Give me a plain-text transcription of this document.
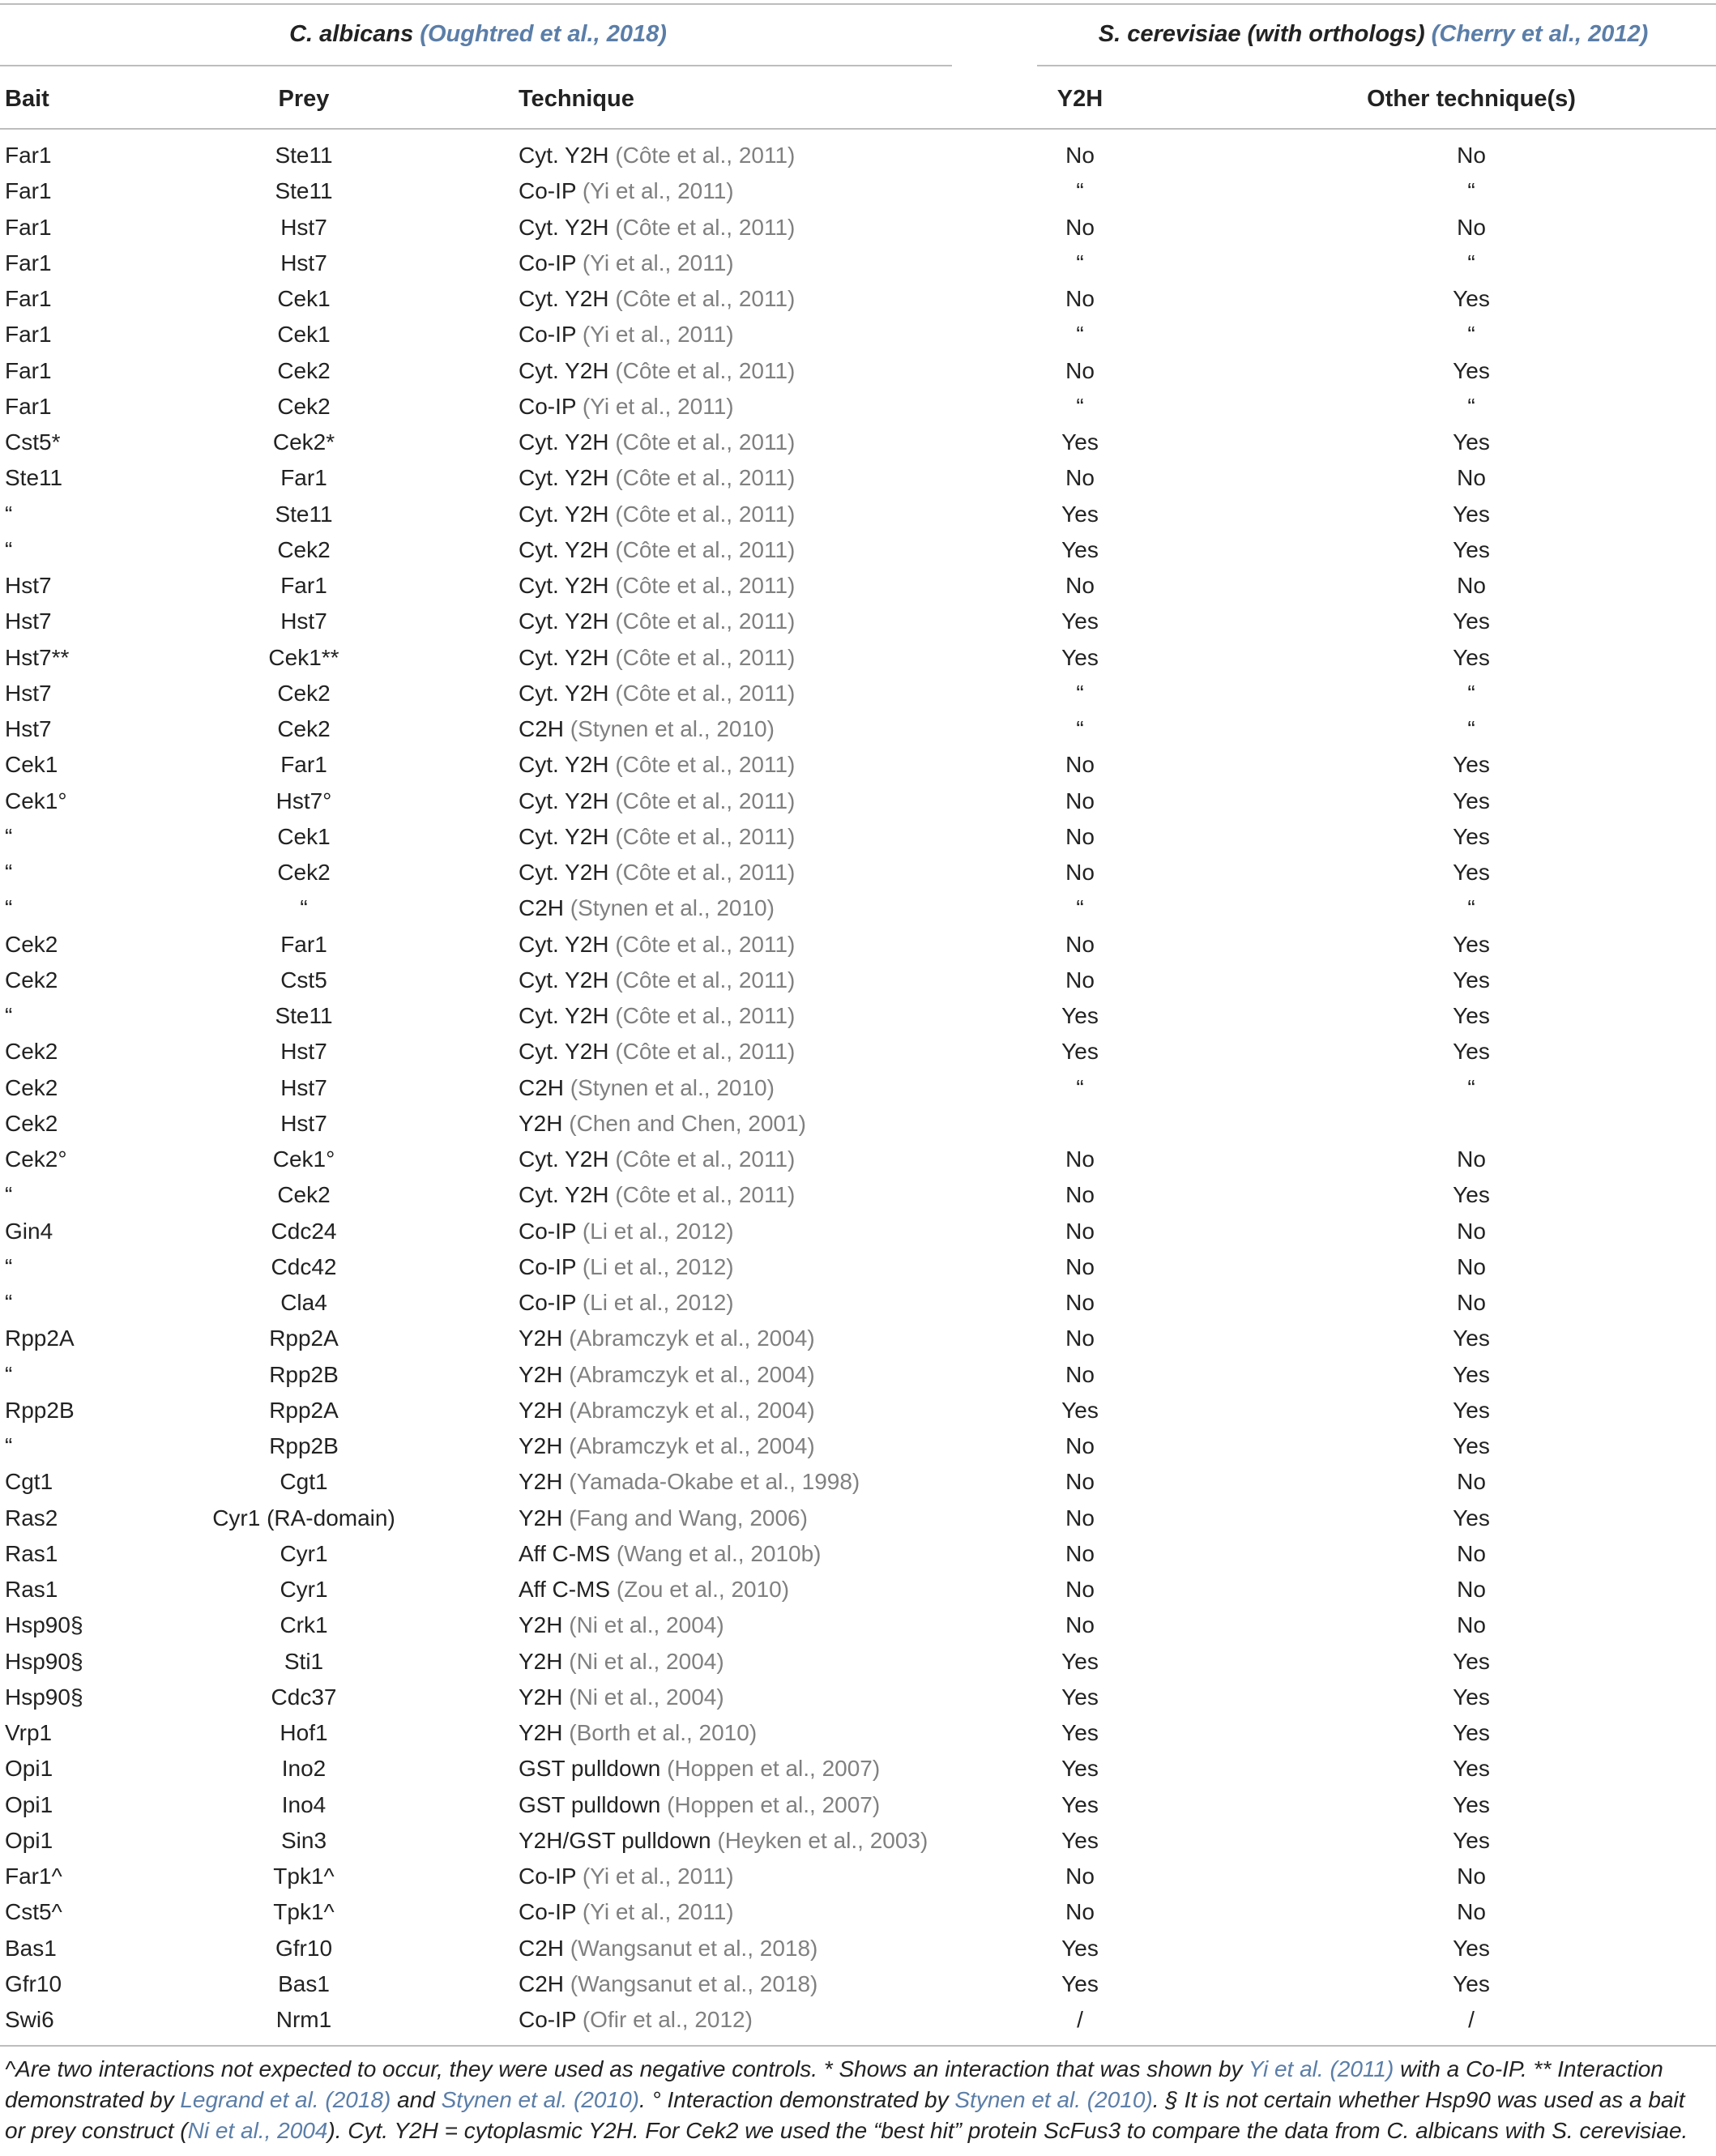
C. albicans (Oughtred et al., 2018)	S. cerevisiae (with orthologs) (Cherry et al., 2012)
Bait	Prey	Technique	Y2H	Other technique(s)
Far1	Ste11	Cyt. Y2H (Côte et al., 2011)	No	No
Far1	Ste11	Co-IP (Yi et al., 2011)	“	“
Far1	Hst7	Cyt. Y2H (Côte et al., 2011)	No	No
Far1	Hst7	Co-IP (Yi et al., 2011)	“	“
Far1	Cek1	Cyt. Y2H (Côte et al., 2011)	No	Yes
Far1	Cek1	Co-IP (Yi et al., 2011)	“	“
Far1	Cek2	Cyt. Y2H (Côte et al., 2011)	No	Yes
Far1	Cek2	Co-IP (Yi et al., 2011)	“	“
Cst5*	Cek2*	Cyt. Y2H (Côte et al., 2011)	Yes	Yes
Ste11	Far1	Cyt. Y2H (Côte et al., 2011)	No	No
“	Ste11	Cyt. Y2H (Côte et al., 2011)	Yes	Yes
“	Cek2	Cyt. Y2H (Côte et al., 2011)	Yes	Yes
Hst7	Far1	Cyt. Y2H (Côte et al., 2011)	No	No
Hst7	Hst7	Cyt. Y2H (Côte et al., 2011)	Yes	Yes
Hst7**	Cek1**	Cyt. Y2H (Côte et al., 2011)	Yes	Yes
Hst7	Cek2	Cyt. Y2H (Côte et al., 2011)	“	“
Hst7	Cek2	C2H (Stynen et al., 2010)	“	“
Cek1	Far1	Cyt. Y2H (Côte et al., 2011)	No	Yes
Cek1°	Hst7°	Cyt. Y2H (Côte et al., 2011)	No	Yes
“	Cek1	Cyt. Y2H (Côte et al., 2011)	No	Yes
“	Cek2	Cyt. Y2H (Côte et al., 2011)	No	Yes
“	“	C2H (Stynen et al., 2010)	“	“
Cek2	Far1	Cyt. Y2H (Côte et al., 2011)	No	Yes
Cek2	Cst5	Cyt. Y2H (Côte et al., 2011)	No	Yes
“	Ste11	Cyt. Y2H (Côte et al., 2011)	Yes	Yes
Cek2	Hst7	Cyt. Y2H (Côte et al., 2011)	Yes	Yes
Cek2	Hst7	C2H (Stynen et al., 2010)	“	“
Cek2	Hst7	Y2H (Chen and Chen, 2001)
Cek2°	Cek1°	Cyt. Y2H (Côte et al., 2011)	No	No
“	Cek2	Cyt. Y2H (Côte et al., 2011)	No	Yes
Gin4	Cdc24	Co-IP (Li et al., 2012)	No	No
“	Cdc42	Co-IP (Li et al., 2012)	No	No
“	Cla4	Co-IP (Li et al., 2012)	No	No
Rpp2A	Rpp2A	Y2H (Abramczyk et al., 2004)	No	Yes
“	Rpp2B	Y2H (Abramczyk et al., 2004)	No	Yes
Rpp2B	Rpp2A	Y2H (Abramczyk et al., 2004)	Yes	Yes
“	Rpp2B	Y2H (Abramczyk et al., 2004)	No	Yes
Cgt1	Cgt1	Y2H (Yamada-Okabe et al., 1998)	No	No
Ras2	Cyr1 (RA-domain)	Y2H (Fang and Wang, 2006)	No	Yes
Ras1	Cyr1	Aff C-MS (Wang et al., 2010b)	No	No
Ras1	Cyr1	Aff C-MS (Zou et al., 2010)	No	No
Hsp90§	Crk1	Y2H (Ni et al., 2004)	No	No
Hsp90§	Sti1	Y2H (Ni et al., 2004)	Yes	Yes
Hsp90§	Cdc37	Y2H (Ni et al., 2004)	Yes	Yes
Vrp1	Hof1	Y2H (Borth et al., 2010)	Yes	Yes
Opi1	Ino2	GST pulldown (Hoppen et al., 2007)	Yes	Yes
Opi1	Ino4	GST pulldown (Hoppen et al., 2007)	Yes	Yes
Opi1	Sin3	Y2H/GST pulldown (Heyken et al., 2003)	Yes	Yes
Far1^	Tpk1^	Co-IP (Yi et al., 2011)	No	No
Cst5^	Tpk1^	Co-IP (Yi et al., 2011)	No	No
Bas1	Gfr10	C2H (Wangsanut et al., 2018)	Yes	Yes
Gfr10	Bas1	C2H (Wangsanut et al., 2018)	Yes	Yes
Swi6	Nrm1	Co-IP (Ofir et al., 2012)	/	/
^Are two interactions not expected to occur, they were used as negative controls. * Shows an interaction that was shown by Yi et al. (2011) with a Co-IP. ** Interaction demonstrated by Legrand et al. (2018) and Stynen et al. (2010). ° Interaction demonstrated by Stynen et al. (2010). § It is not certain whether Hsp90 was used as a bait or prey construct (Ni et al., 2004). Cyt. Y2H = cytoplasmic Y2H. For Cek2 we used the “best hit” protein ScFus3 to compare the data from C. albicans with S. cerevisiae.
